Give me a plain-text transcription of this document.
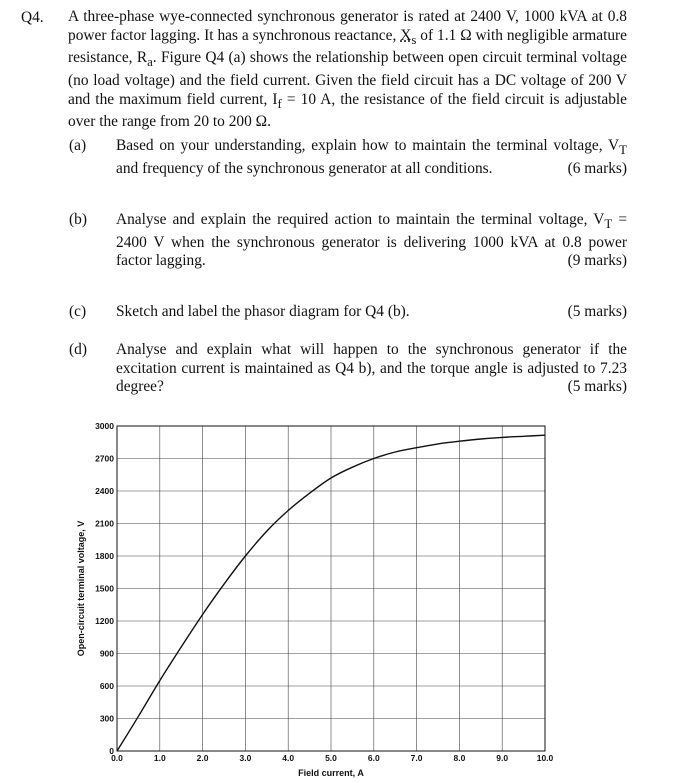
Q4. A three-phase wye-connected synchronous generator is rated at 2400 V, 1000 kVA at 0.8 power factor lagging. It has a synchronous reactance, $X_s$ of 1.1 Ω with negligible armature resistance, $R_a$. Figure Q4 (a) shows the relationship between open circuit terminal voltage (no load voltage) and the field current. Given the field circuit has a DC voltage of 200 V and the maximum field current, $I_f = 10$ A, the resistance of the field circuit is adjustable over the range from 20 to 200 Ω.
(a) Based on your understanding, explain how to maintain the terminal voltage, $V_T$ and frequency of the synchronous generator at all conditions.	(6 marks)
(b) Analyse and explain the required action to maintain the terminal voltage, $V_T = 2400$ V when the synchronous generator is delivering 1000 kVA at 0.8 power factor lagging.	(9 marks)
(c) Sketch and label the phasor diagram for Q4 (b).	(5 marks)
(d) Analyse and explain what will happen to the synchronous generator if the excitation current is maintained as Q4 b), and the torque angle is adjusted to 7.23 degree?	(5 marks)
0.0	1.0	2.0	3.0	4.0	5.0	6.0	7.0	8.0	9.0	10.0
0
300
600
900
1200
1500
1800
2100
2400
2700
3000
Field current, A
Open-circuit terminal voltage, V
